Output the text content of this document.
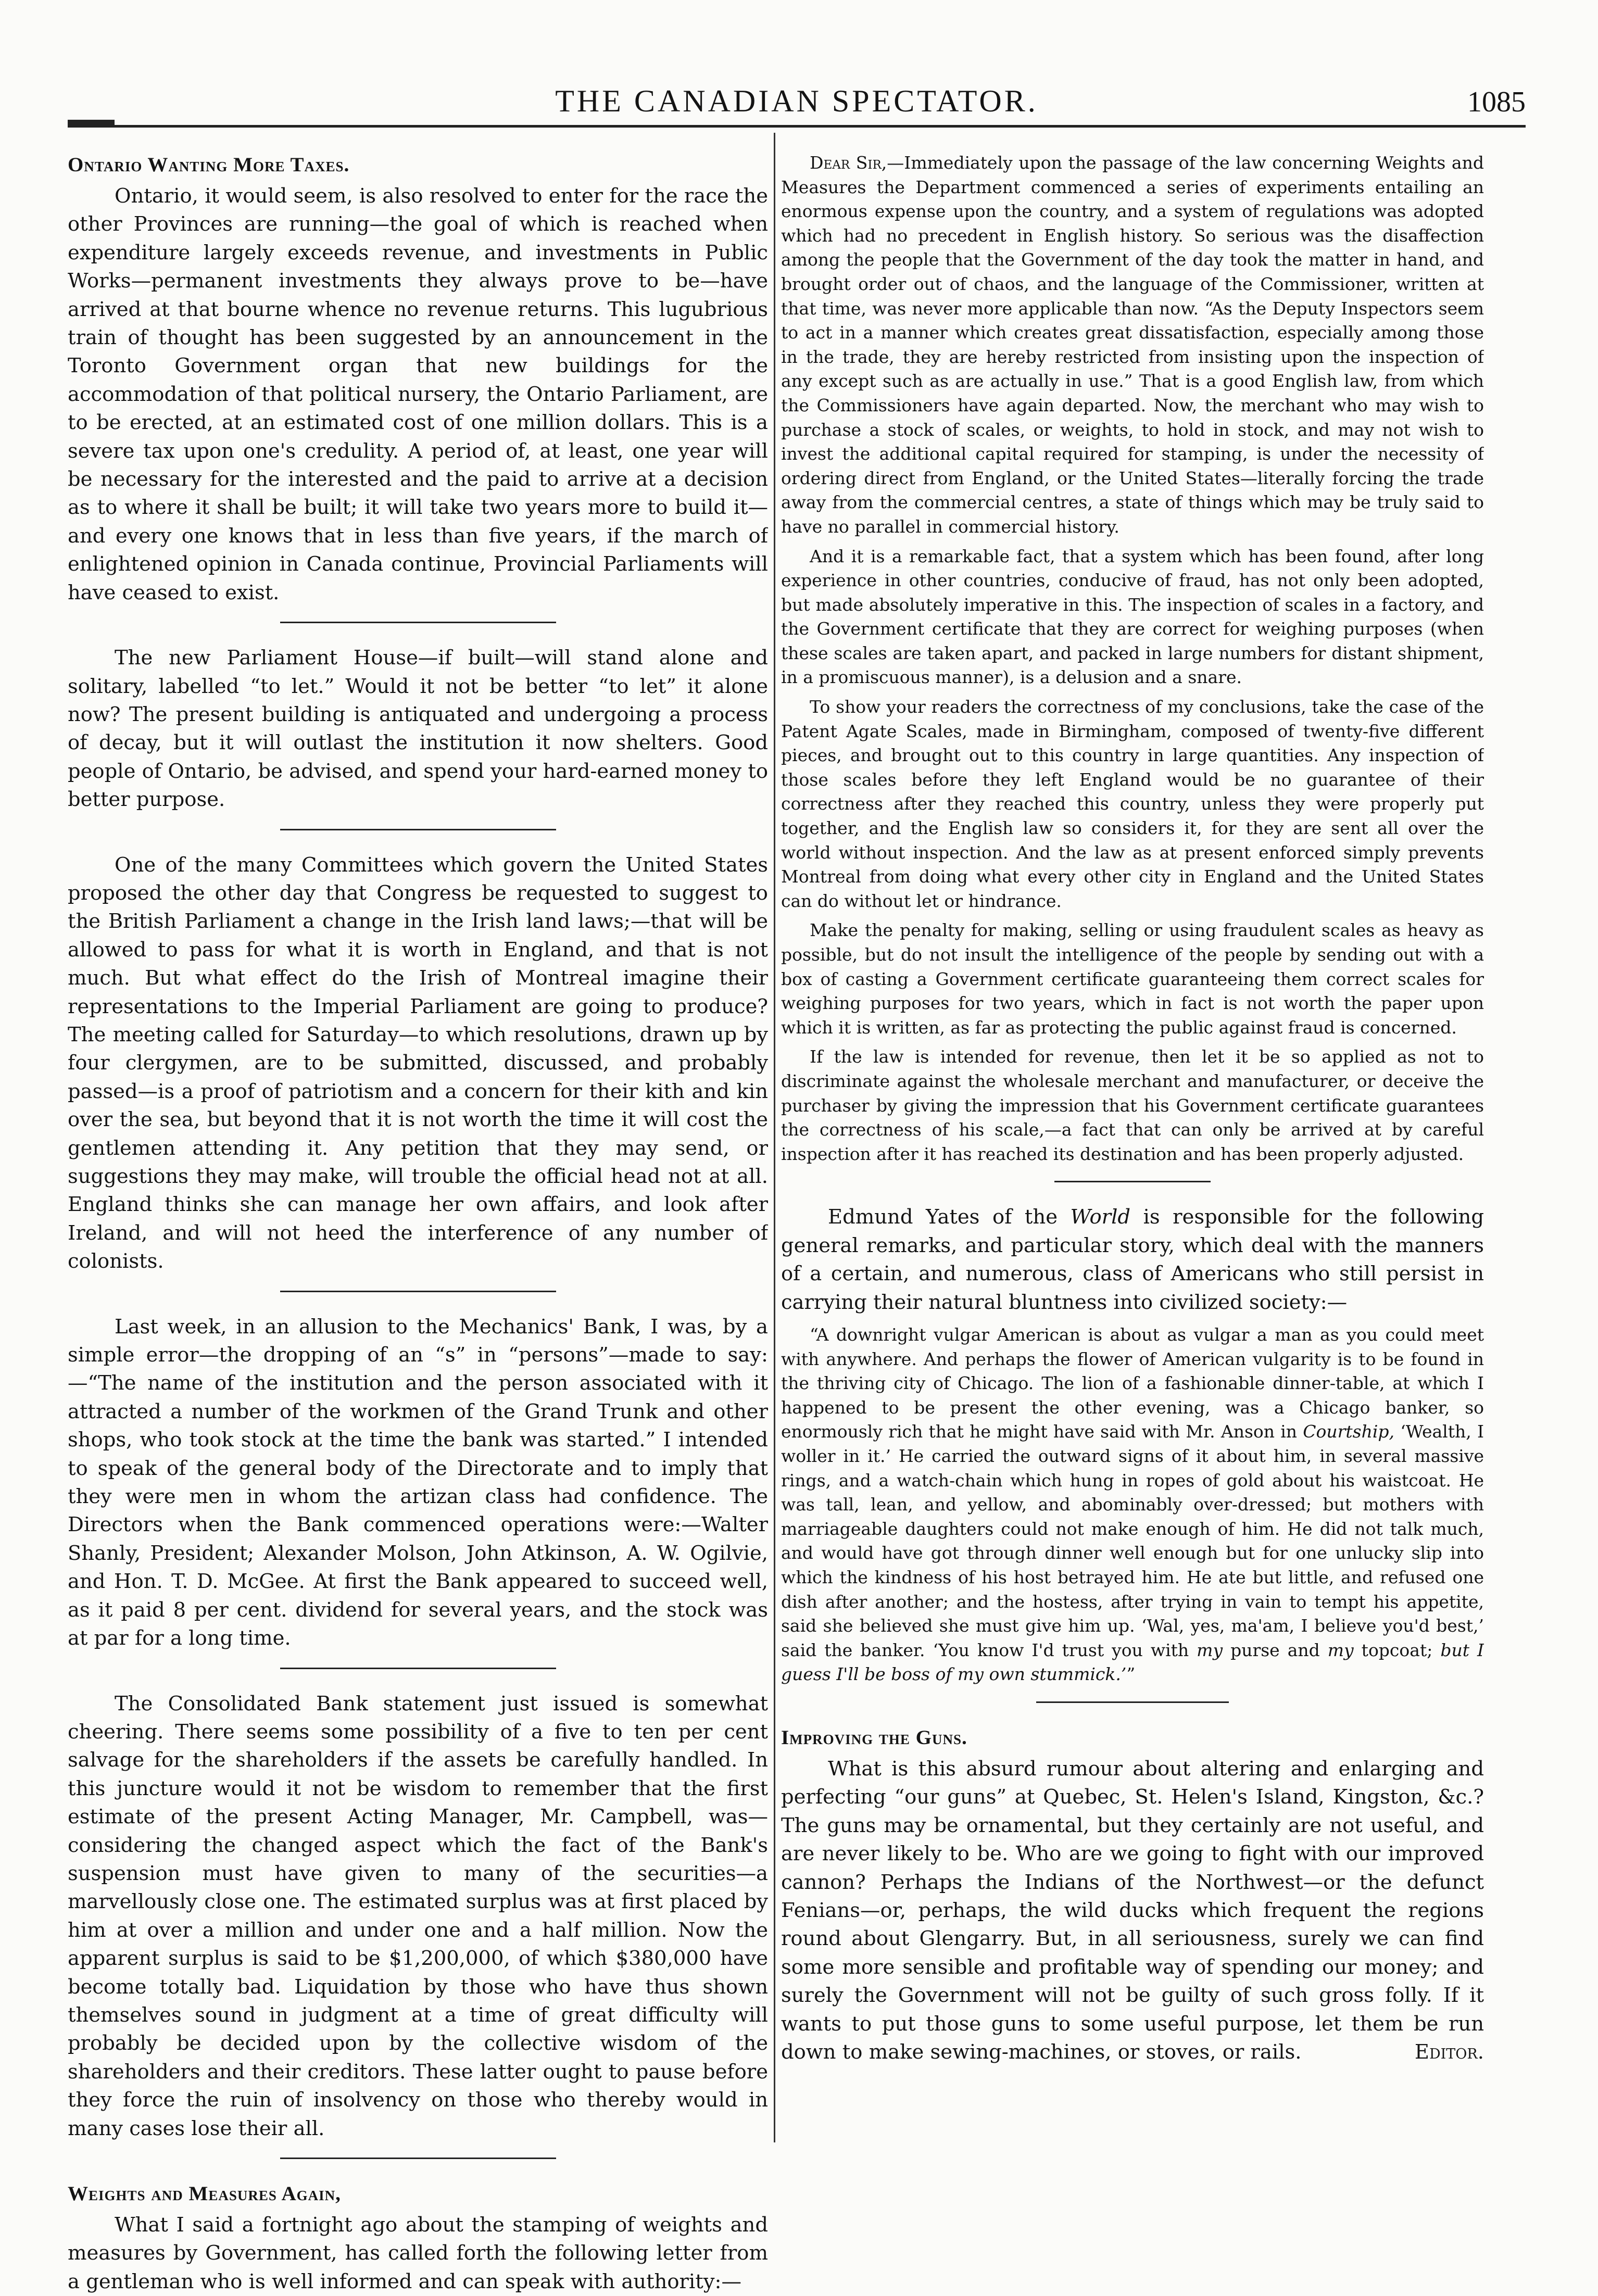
THE CANADIAN SPECTATOR.	1085
Ontario Wanting More Taxes.

Ontario, it would seem, is also resolved to enter for the race the other Provinces are running—the goal of which is reached when expenditure largely exceeds revenue, and investments in Public Works—permanent investments they always prove to be—have arrived at that bourne whence no revenue returns. This lugubrious train of thought has been suggested by an announcement in the Toronto Government organ that new buildings for the accommodation of that political nursery, the Ontario Parliament, are to be erected, at an estimated cost of one million dollars. This is a severe tax upon one's credulity. A period of, at least, one year will be necessary for the interested and the paid to arrive at a decision as to where it shall be built; it will take two years more to build it—and every one knows that in less than five years, if the march of enlightened opinion in Canada continue, Provincial Parliaments will have ceased to exist.

The new Parliament House—if built—will stand alone and solitary, labelled “to let.” Would it not be better “to let” it alone now? The present building is antiquated and undergoing a process of decay, but it will outlast the institution it now shelters. Good people of Ontario, be advised, and spend your hard-earned money to better purpose.

One of the many Committees which govern the United States proposed the other day that Congress be requested to suggest to the British Parliament a change in the Irish land laws;—that will be allowed to pass for what it is worth in England, and that is not much. But what effect do the Irish of Montreal imagine their representations to the Imperial Parliament are going to produce? The meeting called for Saturday—to which resolutions, drawn up by four clergymen, are to be submitted, discussed, and probably passed—is a proof of patriotism and a concern for their kith and kin over the sea, but beyond that it is not worth the time it will cost the gentlemen attending it. Any petition that they may send, or suggestions they may make, will trouble the official head not at all. England thinks she can manage her own affairs, and look after Ireland, and will not heed the interference of any number of colonists.

Last week, in an allusion to the Mechanics' Bank, I was, by a simple error—the dropping of an “s” in “persons”—made to say:—“The name of the institution and the person associated with it attracted a number of the workmen of the Grand Trunk and other shops, who took stock at the time the bank was started.” I intended to speak of the general body of the Directorate and to imply that they were men in whom the artizan class had confidence. The Directors when the Bank commenced operations were:—Walter Shanly, President; Alexander Molson, John Atkinson, A. W. Ogilvie, and Hon. T. D. McGee. At first the Bank appeared to succeed well, as it paid 8 per cent. dividend for several years, and the stock was at par for a long time.

The Consolidated Bank statement just issued is somewhat cheering. There seems some possibility of a five to ten per cent salvage for the shareholders if the assets be carefully handled. In this juncture would it not be wisdom to remember that the first estimate of the present Acting Manager, Mr. Campbell, was—considering the changed aspect which the fact of the Bank's suspension must have given to many of the securities—a marvellously close one. The estimated surplus was at first placed by him at over a million and under one and a half million. Now the apparent surplus is said to be $1,200,000, of which $380,000 have become totally bad. Liquidation by those who have thus shown themselves sound in judgment at a time of great difficulty will probably be decided upon by the collective wisdom of the shareholders and their creditors. These latter ought to pause before they force the ruin of insolvency on those who thereby would in many cases lose their all.

Weights and Measures Again,

What I said a fortnight ago about the stamping of weights and measures by Government, has called forth the following letter from a gentleman who is well informed and can speak with authority:—

Dear Sir,—Immediately upon the passage of the law concerning Weights and Measures the Department commenced a series of experiments entailing an enormous expense upon the country, and a system of regulations was adopted which had no precedent in English history. So serious was the disaffection among the people that the Government of the day took the matter in hand, and brought order out of chaos, and the language of the Commissioner, written at that time, was never more applicable than now. “As the Deputy Inspectors seem to act in a manner which creates great dissatisfaction, especially among those in the trade, they are hereby restricted from insisting upon the inspection of any except such as are actually in use.” That is a good English law, from which the Commissioners have again departed. Now, the merchant who may wish to purchase a stock of scales, or weights, to hold in stock, and may not wish to invest the additional capital required for stamping, is under the necessity of ordering direct from England, or the United States—literally forcing the trade away from the commercial centres, a state of things which may be truly said to have no parallel in commercial history.

And it is a remarkable fact, that a system which has been found, after long experience in other countries, conducive of fraud, has not only been adopted, but made absolutely imperative in this. The inspection of scales in a factory, and the Government certificate that they are correct for weighing purposes (when these scales are taken apart, and packed in large numbers for distant shipment, in a promiscuous manner), is a delusion and a snare.

To show your readers the correctness of my conclusions, take the case of the Patent Agate Scales, made in Birmingham, composed of twenty-five different pieces, and brought out to this country in large quantities. Any inspection of those scales before they left England would be no guarantee of their correctness after they reached this country, unless they were properly put together, and the English law so considers it, for they are sent all over the world without inspection. And the law as at present enforced simply prevents Montreal from doing what every other city in England and the United States can do without let or hindrance.

Make the penalty for making, selling or using fraudulent scales as heavy as possible, but do not insult the intelligence of the people by sending out with a box of casting a Government certificate guaranteeing them correct scales for weighing purposes for two years, which in fact is not worth the paper upon which it is written, as far as protecting the public against fraud is concerned.

If the law is intended for revenue, then let it be so applied as not to discriminate against the wholesale merchant and manufacturer, or deceive the purchaser by giving the impression that his Government certificate guarantees the correctness of his scale,—a fact that can only be arrived at by careful inspection after it has reached its destination and has been properly adjusted.

Edmund Yates of the World is responsible for the following general remarks, and particular story, which deal with the manners of a certain, and numerous, class of Americans who still persist in carrying their natural bluntness into civilized society:—

“A downright vulgar American is about as vulgar a man as you could meet with anywhere. And perhaps the flower of American vulgarity is to be found in the thriving city of Chicago. The lion of a fashionable dinner-table, at which I happened to be present the other evening, was a Chicago banker, so enormously rich that he might have said with Mr. Anson in Courtship, ‘Wealth, I woller in it.’ He carried the outward signs of it about him, in several massive rings, and a watch-chain which hung in ropes of gold about his waistcoat. He was tall, lean, and yellow, and abominably over-dressed; but mothers with marriageable daughters could not make enough of him. He did not talk much, and would have got through dinner well enough but for one unlucky slip into which the kindness of his host betrayed him. He ate but little, and refused one dish after another; and the hostess, after trying in vain to tempt his appetite, said she believed she must give him up. ‘Wal, yes, ma'am, I believe you'd best,’ said the banker. ‘You know I'd trust you with my purse and my topcoat; but I guess I'll be boss of my own stummick.’”

Improving the Guns.

What is this absurd rumour about altering and enlarging and perfecting “our guns” at Quebec, St. Helen's Island, Kingston, &c.? The guns may be ornamental, but they certainly are not useful, and are never likely to be. Who are we going to fight with our improved cannon? Perhaps the Indians of the Northwest—or the defunct Fenians—or, perhaps, the wild ducks which frequent the regions round about Glengarry. But, in all seriousness, surely we can find some more sensible and profitable way of spending our money; and surely the Government will not be guilty of such gross folly. If it wants to put those guns to some useful purpose, let them be run down to make sewing-machines, or stoves, or rails.	Editor.
